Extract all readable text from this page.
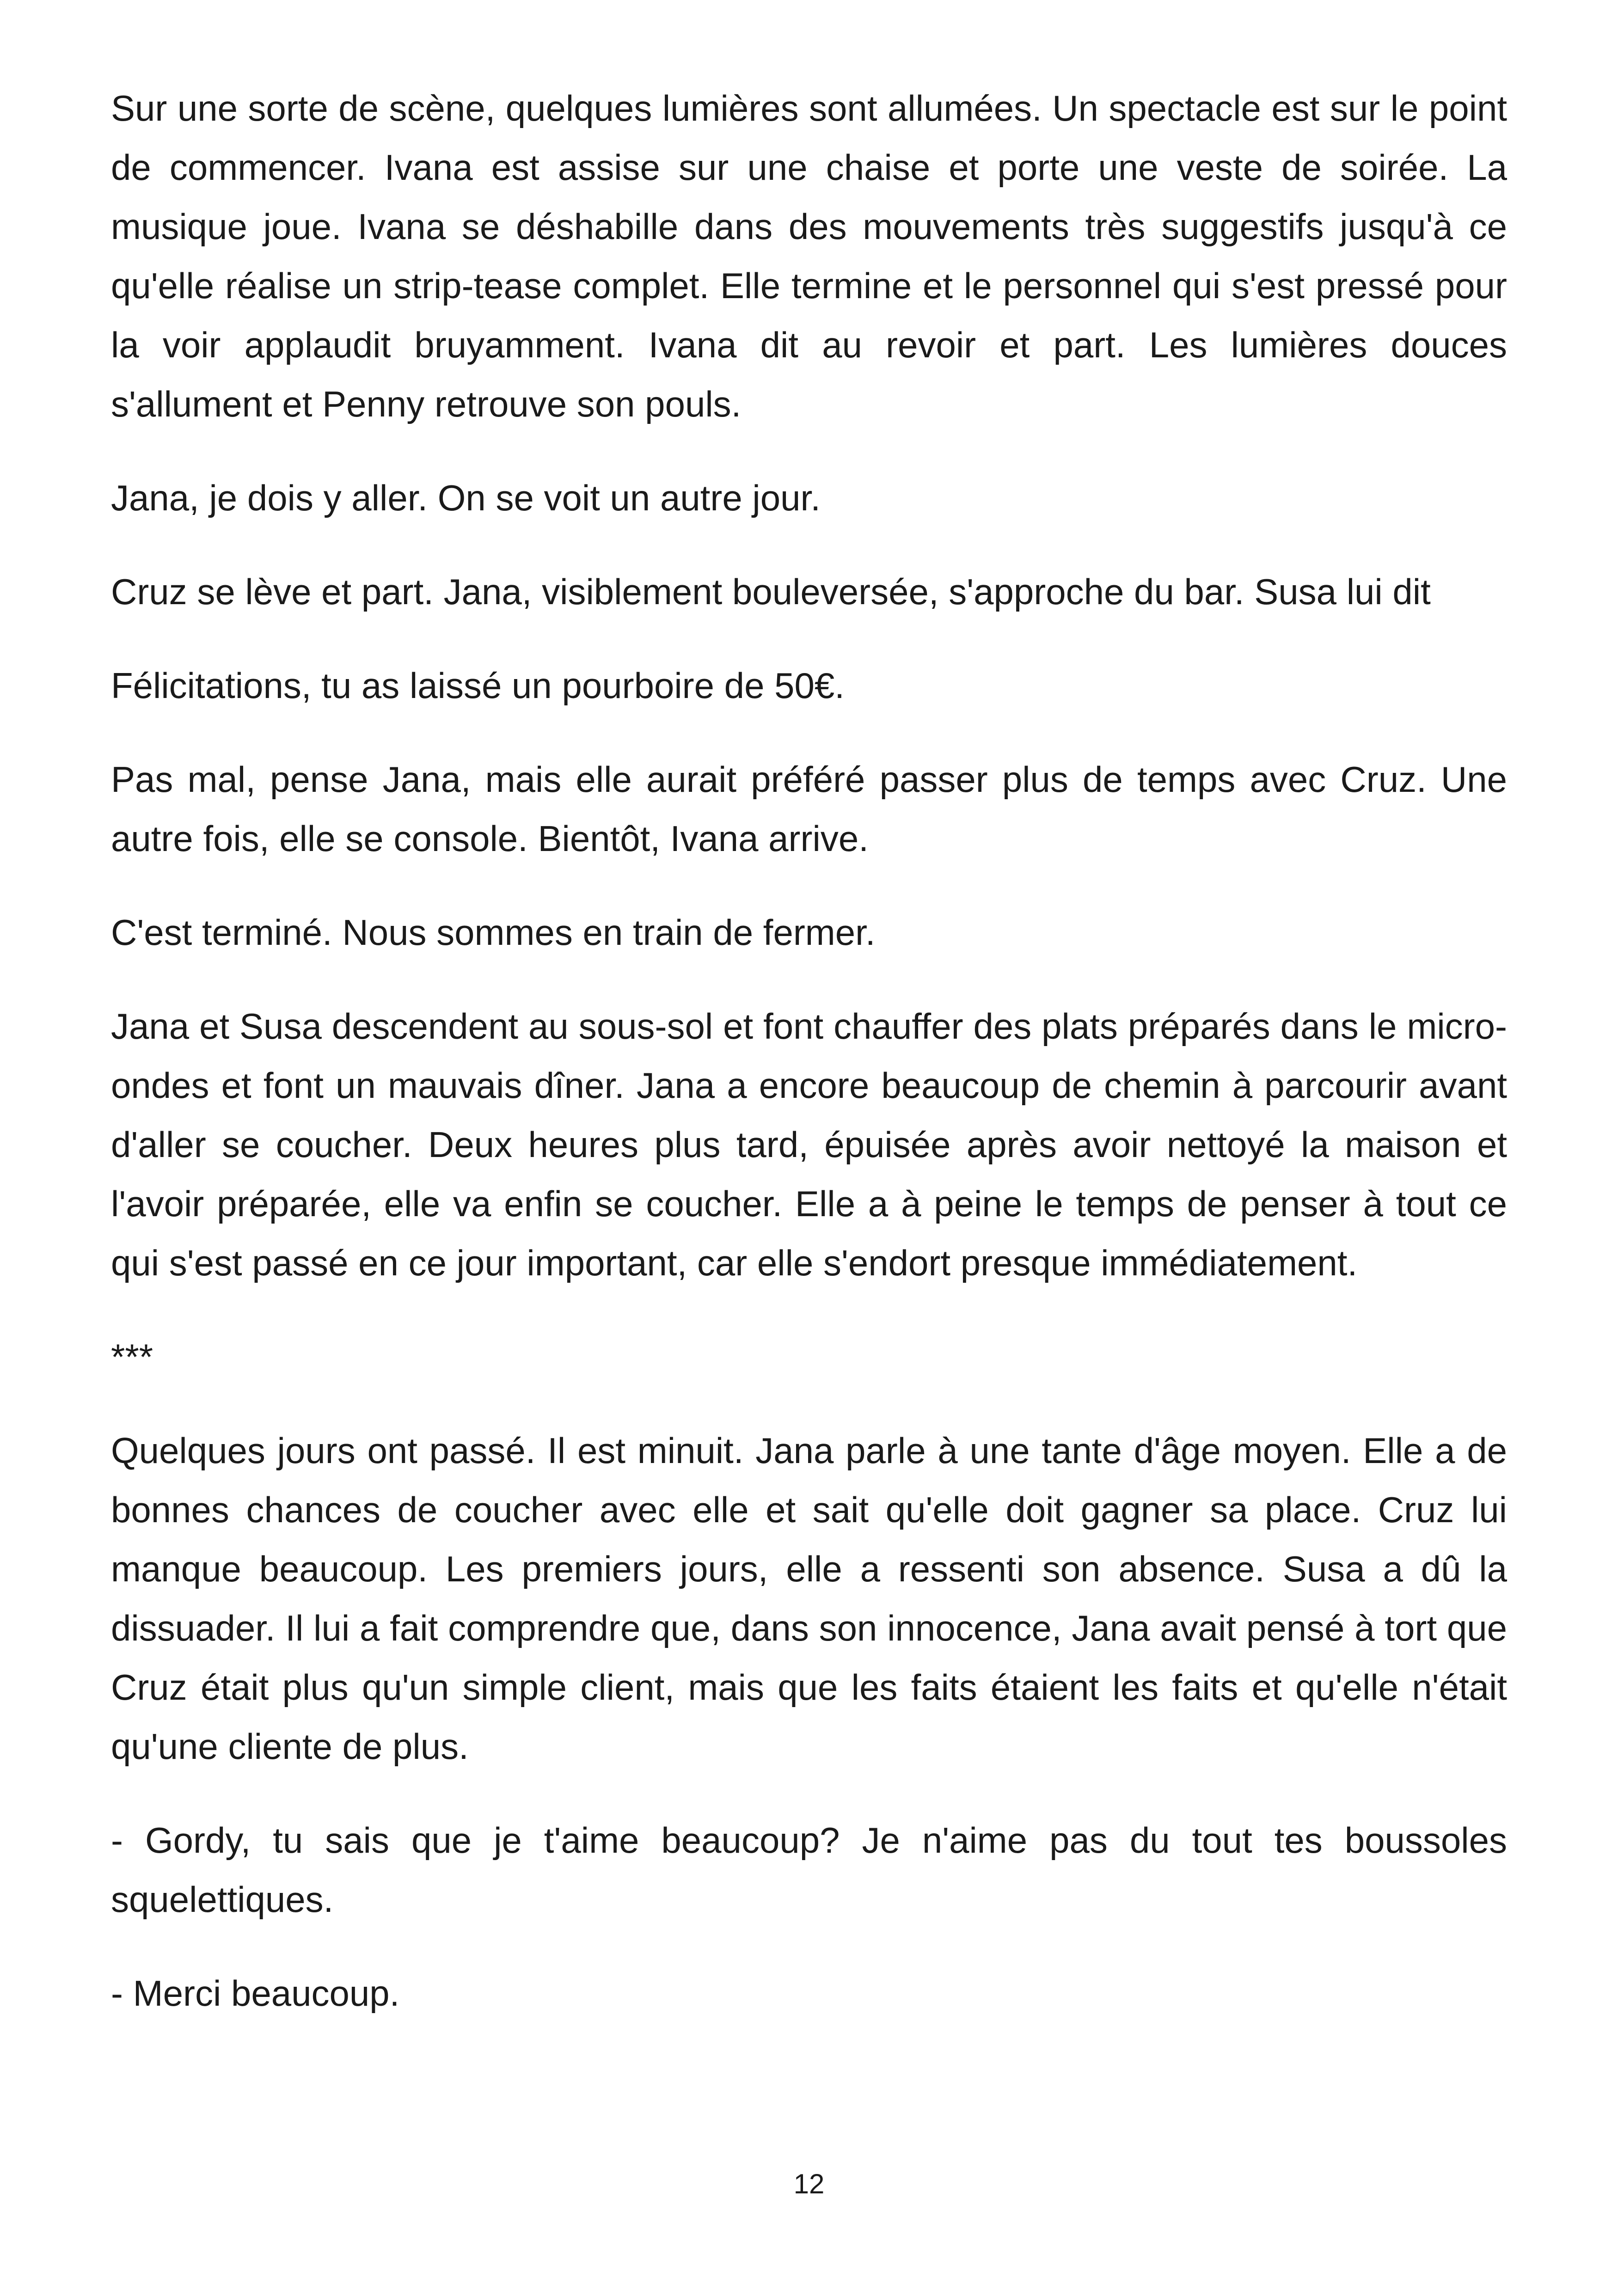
Sur une sorte de scène, quelques lumières sont allumées. Un spectacle est sur le point de commencer. Ivana est assise sur une chaise et porte une veste de soirée. La musique joue. Ivana se déshabille dans des mouvements très suggestifs jusqu'à ce qu'elle réalise un strip-tease complet. Elle termine et le personnel qui s'est pressé pour la voir applaudit bruyamment. Ivana dit au revoir et part. Les lumières douces s'allument et Penny retrouve son pouls.

Jana, je dois y aller. On se voit un autre jour.

Cruz se lève et part. Jana, visiblement bouleversée, s'approche du bar. Susa lui dit

Félicitations, tu as laissé un pourboire de 50€.

Pas mal, pense Jana, mais elle aurait préféré passer plus de temps avec Cruz. Une autre fois, elle se console. Bientôt, Ivana arrive.

C'est terminé. Nous sommes en train de fermer.

Jana et Susa descendent au sous-sol et font chauffer des plats préparés dans le micro-ondes et font un mauvais dîner. Jana a encore beaucoup de chemin à parcourir avant d'aller se coucher. Deux heures plus tard, épuisée après avoir nettoyé la maison et l'avoir préparée, elle va enfin se coucher. Elle a à peine le temps de penser à tout ce qui s'est passé en ce jour important, car elle s'endort presque immédiatement.

***

Quelques jours ont passé. Il est minuit. Jana parle à une tante d'âge moyen. Elle a de bonnes chances de coucher avec elle et sait qu'elle doit gagner sa place. Cruz lui manque beaucoup. Les premiers jours, elle a ressenti son absence. Susa a dû la dissuader. Il lui a fait comprendre que, dans son innocence, Jana avait pensé à tort que Cruz était plus qu'un simple client, mais que les faits étaient les faits et qu'elle n'était qu'une cliente de plus.

- Gordy, tu sais que je t'aime beaucoup? Je n'aime pas du tout tes boussoles squelettiques.

- Merci beaucoup.

12
